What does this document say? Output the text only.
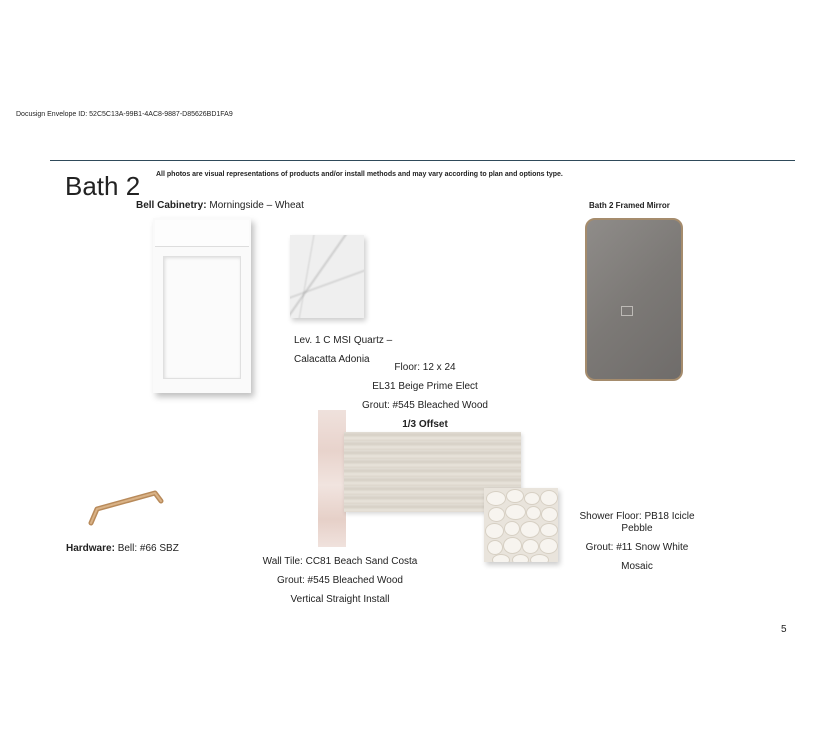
Docusign Envelope ID: 52C5C13A-99B1-4AC8-9887-D85626BD1FA9
Bath 2 All photos are visual representations of products and/or install methods and may vary according to plan and options type.
Bell Cabinetry: Morningside – Wheat
Lev. 1 C MSI Quartz –
Calacatta Adonia
Bath 2 Framed Mirror
Floor: 12 x 24
EL31 Beige Prime Elect
Grout: #545 Bleached Wood
1/3 Offset
Hardware: Bell: #66 SBZ
Wall Tile: CC81 Beach Sand Costa
Grout: #545 Bleached Wood
Vertical Straight Install
Shower Floor: PB18 Icicle
Pebble
Grout: #11 Snow White
Mosaic
5
